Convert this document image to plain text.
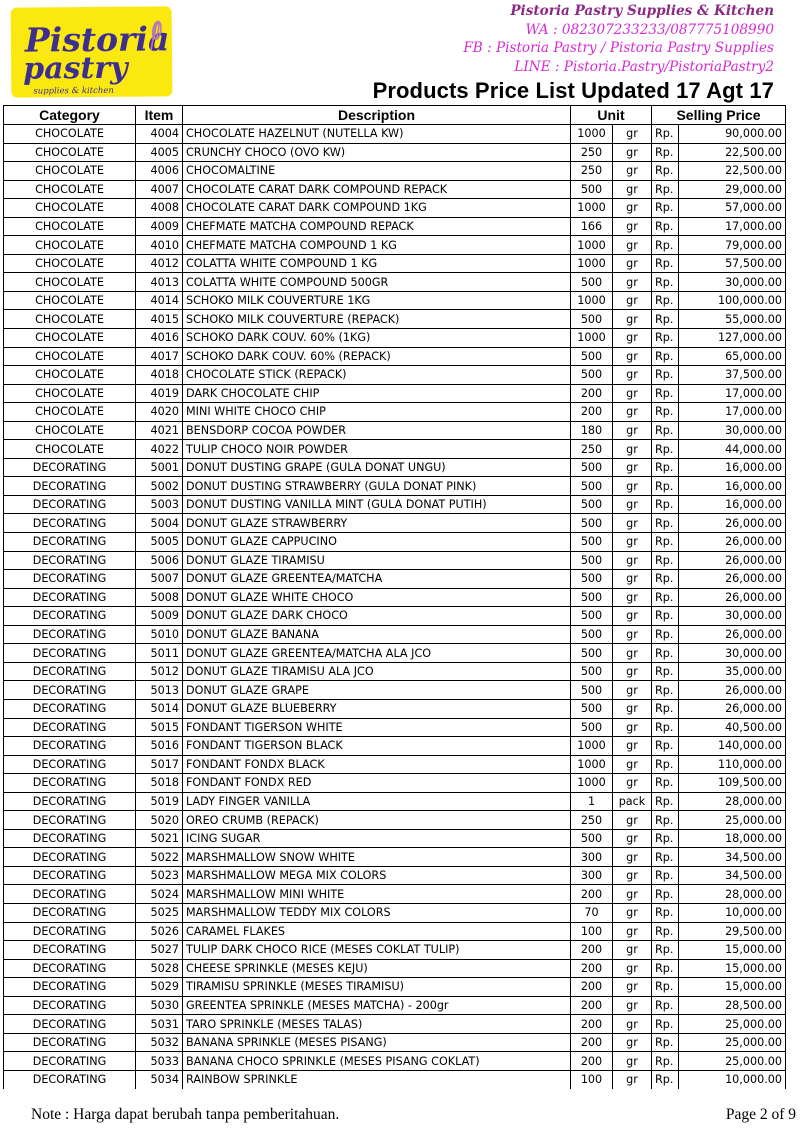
Pistoria
pastry
supplies & kitchen
Pistoria Pastry Supplies & Kitchen
WA : 082307233233/087775108990
FB : Pistoria Pastry / Pistoria Pastry Supplies
LINE : Pistoria.Pastry/PistoriaPastry2
Products Price List Updated 17 Agt 17
Category	Item	Description	Unit		Selling Price	
CHOCOLATE	4004	CHOCOLATE HAZELNUT (NUTELLA KW)	1000	gr	Rp.	90,000.00
CHOCOLATE	4005	CRUNCHY CHOCO (OVO KW)	250	gr	Rp.	22,500.00
CHOCOLATE	4006	CHOCOMALTINE	250	gr	Rp.	22,500.00
CHOCOLATE	4007	CHOCOLATE CARAT DARK COMPOUND REPACK	500	gr	Rp.	29,000.00
CHOCOLATE	4008	CHOCOLATE CARAT DARK COMPOUND 1KG	1000	gr	Rp.	57,000.00
CHOCOLATE	4009	CHEFMATE MATCHA COMPOUND REPACK	166	gr	Rp.	17,000.00
CHOCOLATE	4010	CHEFMATE MATCHA COMPOUND 1 KG	1000	gr	Rp.	79,000.00
CHOCOLATE	4012	COLATTA WHITE COMPOUND 1 KG	1000	gr	Rp.	57,500.00
CHOCOLATE	4013	COLATTA WHITE COMPOUND 500GR	500	gr	Rp.	30,000.00
CHOCOLATE	4014	SCHOKO MILK COUVERTURE 1KG	1000	gr	Rp.	100,000.00
CHOCOLATE	4015	SCHOKO MILK COUVERTURE (REPACK)	500	gr	Rp.	55,000.00
CHOCOLATE	4016	SCHOKO DARK COUV. 60% (1KG)	1000	gr	Rp.	127,000.00
CHOCOLATE	4017	SCHOKO DARK COUV. 60% (REPACK)	500	gr	Rp.	65,000.00
CHOCOLATE	4018	CHOCOLATE STICK (REPACK)	500	gr	Rp.	37,500.00
CHOCOLATE	4019	DARK CHOCOLATE CHIP	200	gr	Rp.	17,000.00
CHOCOLATE	4020	MINI WHITE CHOCO CHIP	200	gr	Rp.	17,000.00
CHOCOLATE	4021	BENSDORP COCOA POWDER	180	gr	Rp.	30,000.00
CHOCOLATE	4022	TULIP CHOCO NOIR POWDER	250	gr	Rp.	44,000.00
DECORATING	5001	DONUT DUSTING GRAPE (GULA DONAT UNGU)	500	gr	Rp.	16,000.00
DECORATING	5002	DONUT DUSTING STRAWBERRY (GULA DONAT PINK)	500	gr	Rp.	16,000.00
DECORATING	5003	DONUT DUSTING VANILLA MINT (GULA DONAT PUTIH)	500	gr	Rp.	16,000.00
DECORATING	5004	DONUT GLAZE STRAWBERRY	500	gr	Rp.	26,000.00
DECORATING	5005	DONUT GLAZE CAPPUCINO	500	gr	Rp.	26,000.00
DECORATING	5006	DONUT GLAZE TIRAMISU	500	gr	Rp.	26,000.00
DECORATING	5007	DONUT GLAZE GREENTEA/MATCHA	500	gr	Rp.	26,000.00
DECORATING	5008	DONUT GLAZE WHITE CHOCO	500	gr	Rp.	26,000.00
DECORATING	5009	DONUT GLAZE DARK CHOCO	500	gr	Rp.	30,000.00
DECORATING	5010	DONUT GLAZE BANANA	500	gr	Rp.	26,000.00
DECORATING	5011	DONUT GLAZE GREENTEA/MATCHA ALA JCO	500	gr	Rp.	30,000.00
DECORATING	5012	DONUT GLAZE TIRAMISU ALA JCO	500	gr	Rp.	35,000.00
DECORATING	5013	DONUT GLAZE GRAPE	500	gr	Rp.	26,000.00
DECORATING	5014	DONUT GLAZE BLUEBERRY	500	gr	Rp.	26,000.00
DECORATING	5015	FONDANT TIGERSON WHITE	500	gr	Rp.	40,500.00
DECORATING	5016	FONDANT TIGERSON BLACK	1000	gr	Rp.	140,000.00
DECORATING	5017	FONDANT FONDX BLACK	1000	gr	Rp.	110,000.00
DECORATING	5018	FONDANT FONDX RED	1000	gr	Rp.	109,500.00
DECORATING	5019	LADY FINGER VANILLA	1	pack	Rp.	28,000.00
DECORATING	5020	OREO CRUMB (REPACK)	250	gr	Rp.	25,000.00
DECORATING	5021	ICING SUGAR	500	gr	Rp.	18,000.00
DECORATING	5022	MARSHMALLOW SNOW WHITE	300	gr	Rp.	34,500.00
DECORATING	5023	MARSHMALLOW MEGA MIX COLORS	300	gr	Rp.	34,500.00
DECORATING	5024	MARSHMALLOW MINI WHITE	200	gr	Rp.	28,000.00
DECORATING	5025	MARSHMALLOW TEDDY MIX COLORS	70	gr	Rp.	10,000.00
DECORATING	5026	CARAMEL FLAKES	100	gr	Rp.	29,500.00
DECORATING	5027	TULIP DARK CHOCO RICE (MESES COKLAT TULIP)	200	gr	Rp.	15,000.00
DECORATING	5028	CHEESE SPRINKLE (MESES KEJU)	200	gr	Rp.	15,000.00
DECORATING	5029	TIRAMISU SPRINKLE (MESES TIRAMISU)	200	gr	Rp.	15,000.00
DECORATING	5030	GREENTEA SPRINKLE (MESES MATCHA) - 200gr	200	gr	Rp.	28,500.00
DECORATING	5031	TARO SPRINKLE (MESES TALAS)	200	gr	Rp.	25,000.00
DECORATING	5032	BANANA SPRINKLE (MESES PISANG)	200	gr	Rp.	25,000.00
DECORATING	5033	BANANA CHOCO SPRINKLE (MESES PISANG COKLAT)	200	gr	Rp.	25,000.00
DECORATING	5034	RAINBOW SPRINKLE	100	gr	Rp.	10,000.00
Note : Harga dapat berubah tanpa pemberitahuan.	Page 2 of 9
